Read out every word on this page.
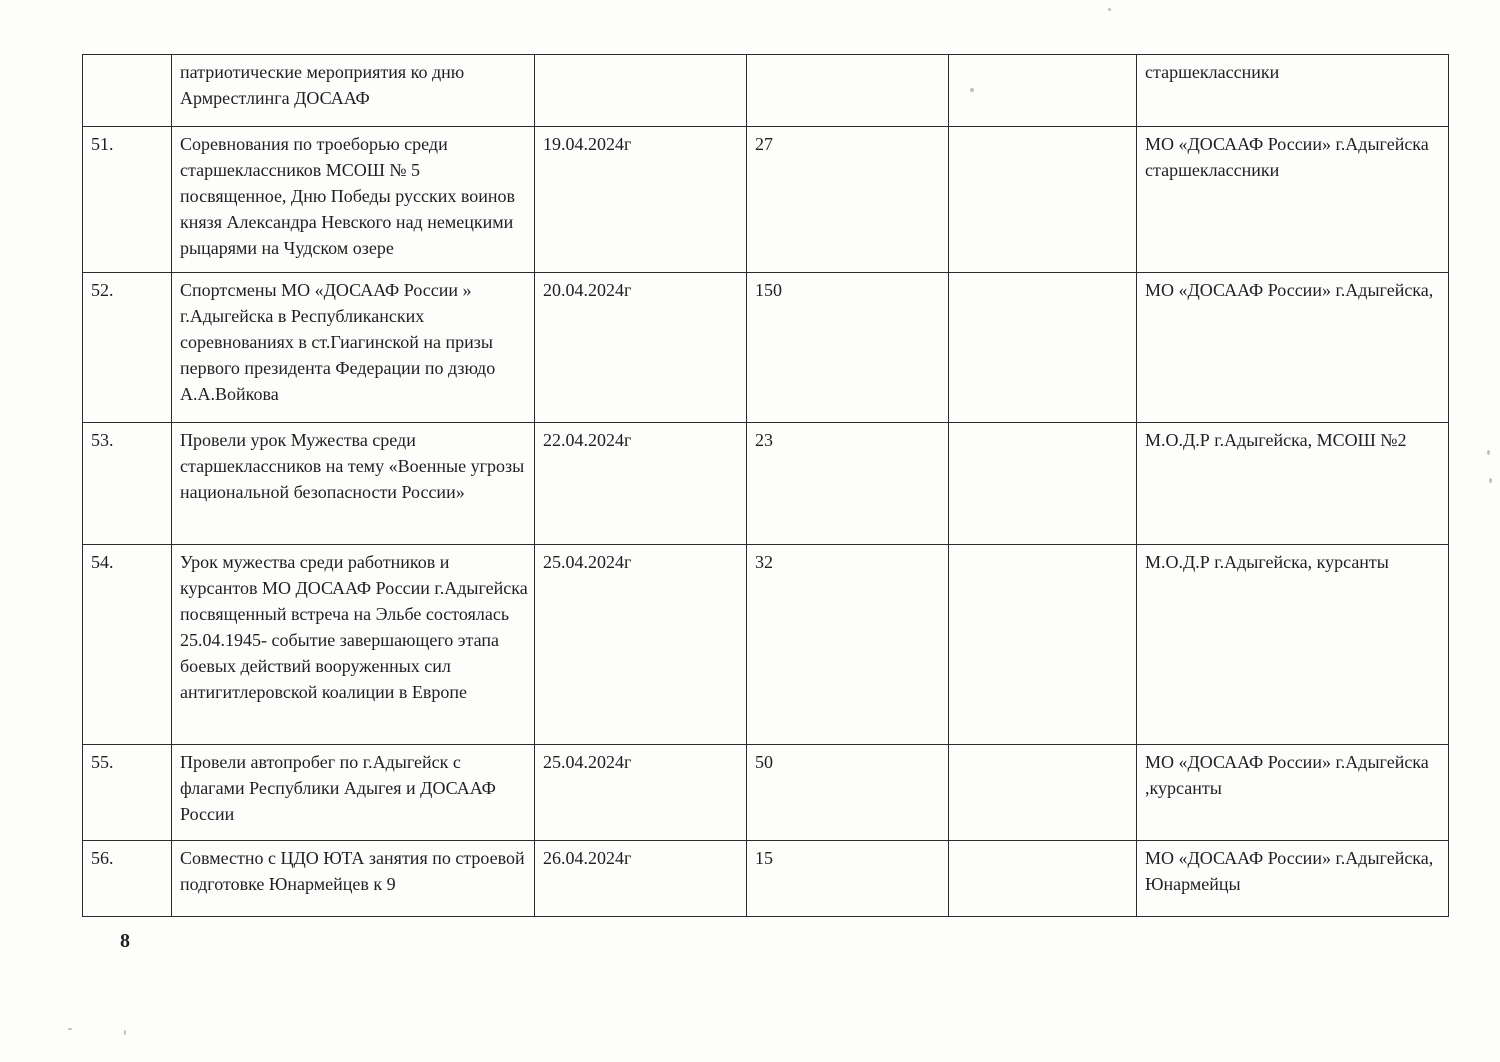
	патриотические мероприятия ко дню Армрестлинга ДОСААФ				старшеклассники
51.	Соревнования по троеборью среди старшеклассников МСОШ № 5 посвященное, Дню Победы русских воинов князя Александра Невского над немецкими рыцарями на Чудском озере	19.04.2024г	27		МО «ДОСААФ России» г.Адыгейска старшеклассники
52.	Спортсмены МО «ДОСААФ России » г.Адыгейска в Республиканских соревнованиях в ст.Гиагинской на призы первого президента Федерации по дзюдо А.А.Войкова	20.04.2024г	150		МО «ДОСААФ России» г.Адыгейска,
53.	Провели урок Мужества среди старшеклассников на тему «Военные угрозы национальной безопасности России»	22.04.2024г	23		М.О.Д.Р г.Адыгейска, МСОШ №2
54.	Урок мужества среди работников и курсантов МО ДОСААФ России г.Адыгейска посвященный встреча на Эльбе состоялась 25.04.1945- событие завершающего этапа боевых действий вооруженных сил антигитлеровской коалиции в Европе	25.04.2024г	32		М.О.Д.Р г.Адыгейска, курсанты
55.	Провели автопробег по г.Адыгейск с флагами Республики Адыгея и ДОСААФ России	25.04.2024г	50		МО «ДОСААФ России» г.Адыгейска ,курсанты
56.	Совместно с ЦДО ЮТА занятия по строевой подготовке Юнармейцев к 9	26.04.2024г	15		МО «ДОСААФ России» г.Адыгейска, Юнармейцы
8
